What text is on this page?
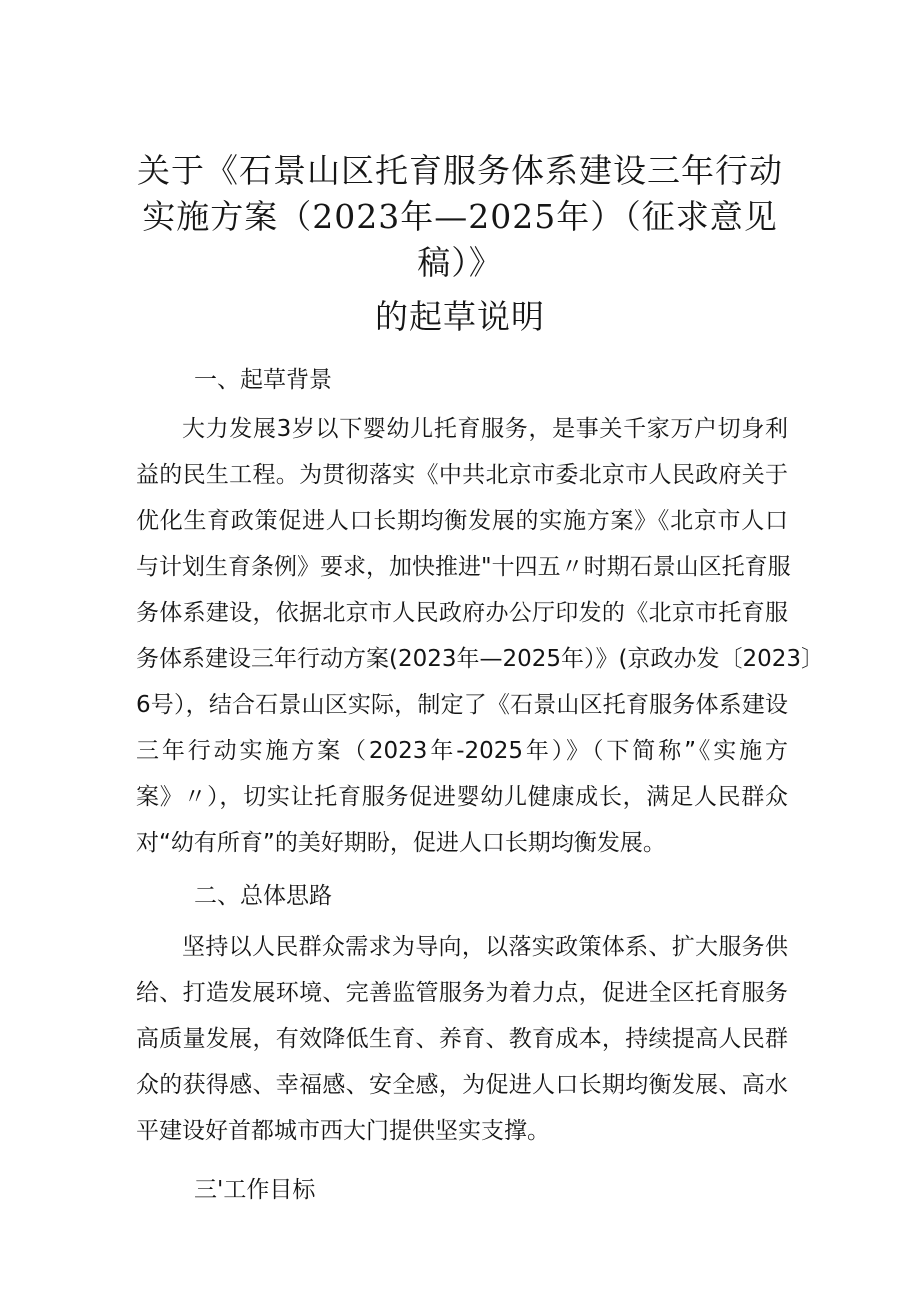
关于《石景山区托育服务体系建设三年行动
实施方案（2023年—2025年）（征求意见
稿）》
的起草说明
一、起草背景
大力发展3岁以下婴幼儿托育服务，是事关千家万户切身利
益的民生工程。为贯彻落实《中共北京市委北京市人民政府关于
优化生育政策促进人口长期均衡发展的实施方案》《北京市人口
与计划生育条例》要求，加快推进"十四五〃时期石景山区托育服
务体系建设，依据北京市人民政府办公厅印发的《北京市托育服
务体系建设三年行动方案(2023年—2025年）》(京政办发〔2023〕
6号），结合石景山区实际，制定了《石景山区托育服务体系建设
三年行动实施方案（2023年-2025年）》（下简称”《实施方
案》〃），切实让托育服务促进婴幼儿健康成长，满足人民群众
对“幼有所育”的美好期盼，促进人口长期均衡发展。
二、总体思路
坚持以人民群众需求为导向，以落实政策体系、扩大服务供
给、打造发展环境、完善监管服务为着力点，促进全区托育服务
高质量发展，有效降低生育、养育、教育成本，持续提高人民群
众的获得感、幸福感、安全感，为促进人口长期均衡发展、高水
平建设好首都城市西大门提供坚实支撑。
三'工作目标
